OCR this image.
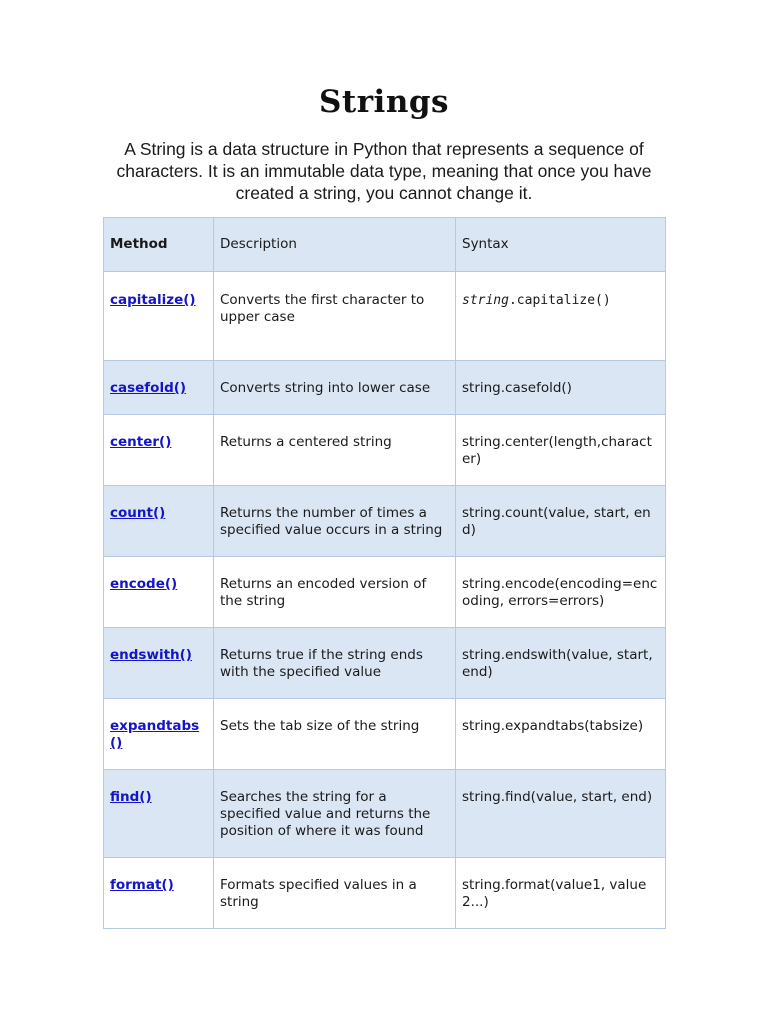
Strings

A String is a data structure in Python that represents a sequence of characters. It is an immutable data type, meaning that once you have created a string, you cannot change it.

Method	Description	Syntax

capitalize()	Converts the first character to upper case	string.capitalize()

casefold()	Converts string into lower case	string.casefold()

center()	Returns a centered string	string.center(length,character)

count()	Returns the number of times a specified value occurs in a string	string.count(value, start, end)

encode()	Returns an encoded version of the string	string.encode(encoding=encoding, errors=errors)

endswith()	Returns true if the string ends with the specified value	string.endswith(value, start, end)

expandtabs()	Sets the tab size of the string	string.expandtabs(tabsize)

find()	Searches the string for a specified value and returns the position of where it was found	string.find(value, start, end)

format()	Formats specified values in a string	string.format(value1, value2...)
